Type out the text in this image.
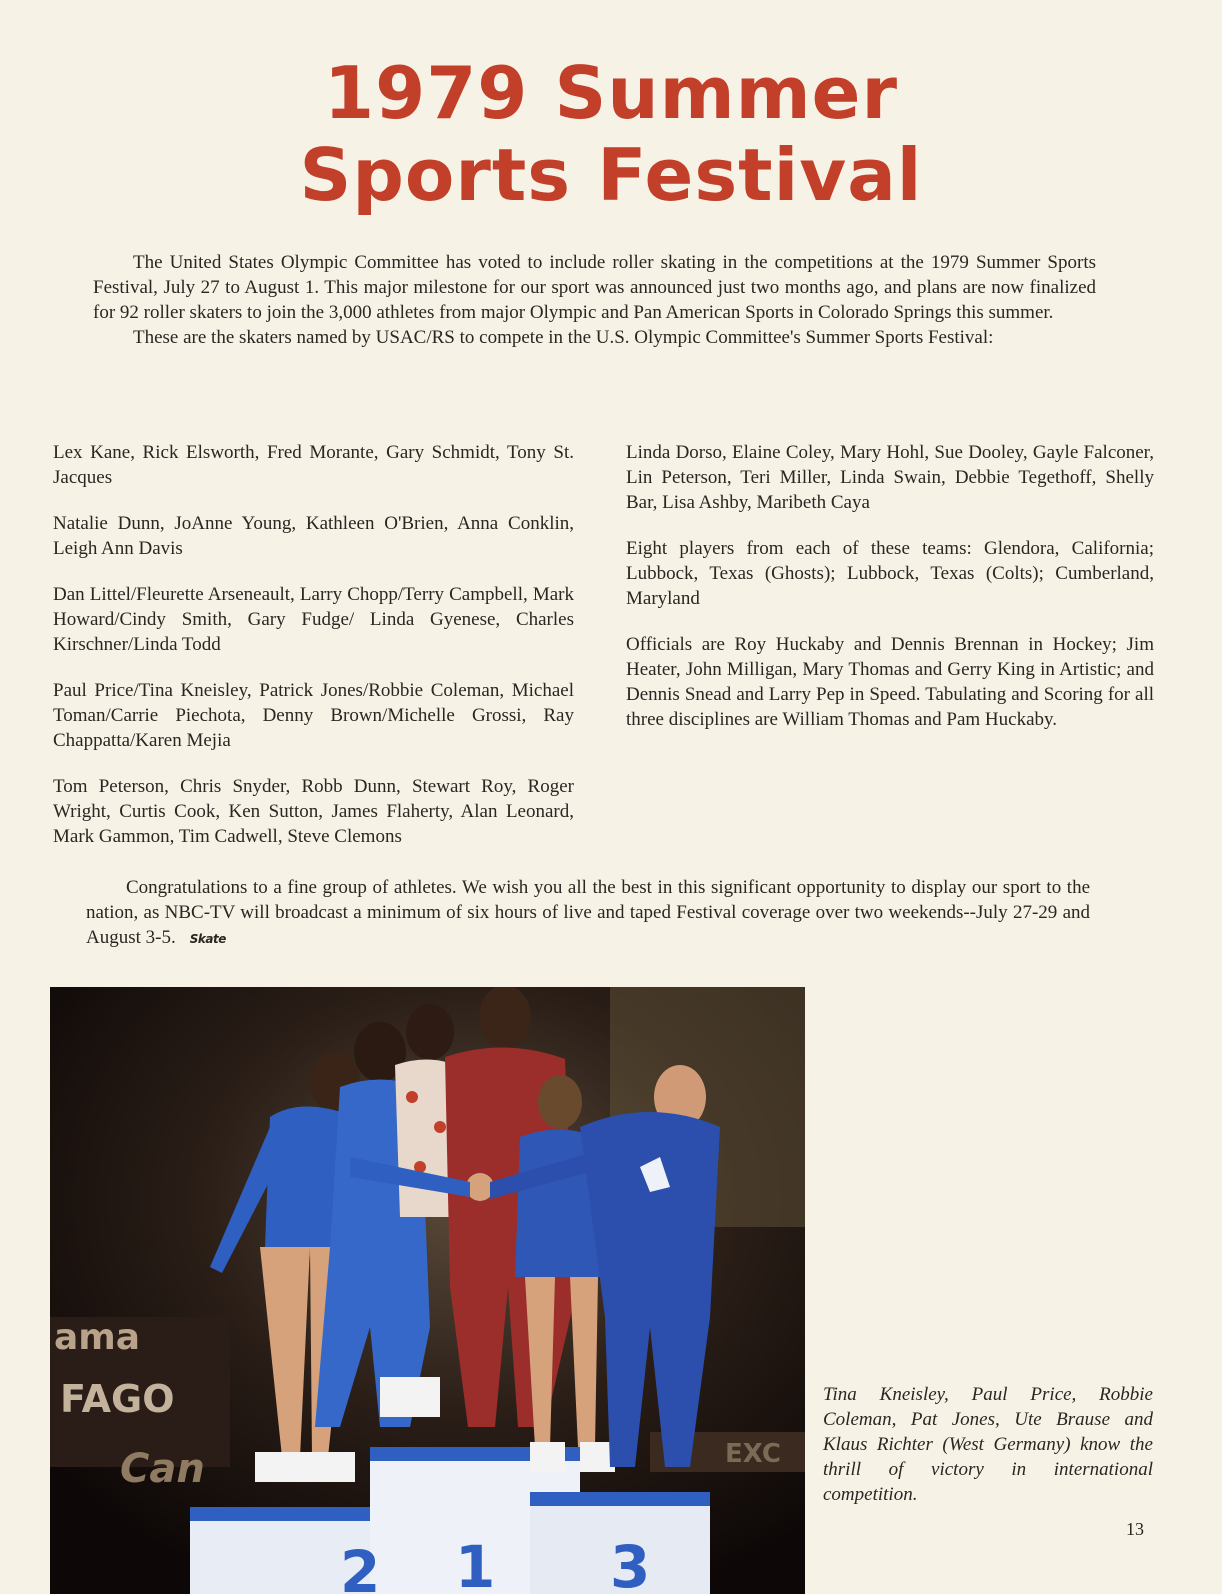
1979 Summer
Sports Festival

The United States Olympic Committee has voted to include roller skating in the competitions at the 1979 Summer Sports Festival, July 27 to August 1. This major milestone for our sport was announced just two months ago, and plans are now finalized for 92 roller skaters to join the 3,000 athletes from major Olympic and Pan American Sports in Colorado Springs this summer.

These are the skaters named by USAC/RS to compete in the U.S. Olympic Committee's Summer Sports Festival:

Lex Kane, Rick Elsworth, Fred Morante, Gary Schmidt, Tony St. Jacques

Natalie Dunn, JoAnne Young, Kathleen O'Brien, Anna Conklin, Leigh Ann Davis

Dan Littel/Fleurette Arseneault, Larry Chopp/Terry Campbell, Mark Howard/Cindy Smith, Gary Fudge/ Linda Gyenese, Charles Kirschner/Linda Todd

Paul Price/Tina Kneisley, Patrick Jones/Robbie Coleman, Michael Toman/Carrie Piechota, Denny Brown/Michelle Grossi, Ray Chappatta/Karen Mejia

Tom Peterson, Chris Snyder, Robb Dunn, Stewart Roy, Roger Wright, Curtis Cook, Ken Sutton, James Flaherty, Alan Leonard, Mark Gammon, Tim Cadwell, Steve Clemons

Linda Dorso, Elaine Coley, Mary Hohl, Sue Dooley, Gayle Falconer, Lin Peterson, Teri Miller, Linda Swain, Debbie Tegethoff, Shelly Bar, Lisa Ashby, Maribeth Caya

Eight players from each of these teams: Glendora, California; Lubbock, Texas (Ghosts); Lubbock, Texas (Colts); Cumberland, Maryland

Officials are Roy Huckaby and Dennis Brennan in Hockey; Jim Heater, John Milligan, Mary Thomas and Gerry King in Artistic; and Dennis Snead and Larry Pep in Speed. Tabulating and Scoring for all three disciplines are William Thomas and Pam Huckaby.

Congratulations to a fine group of athletes. We wish you all the best in this significant opportunity to display our sport to the nation, as NBC-TV will broadcast a minimum of six hours of live and taped Festival coverage over two weekends--July 27-29 and August 3-5. Skate

ama
FAGO
Can	EXC
2 1 3
Tina Kneisley, Paul Price, Robbie Coleman, Pat Jones, Ute Brause and Klaus Richter (West Germany) know the thrill of victory in international competition.
13
